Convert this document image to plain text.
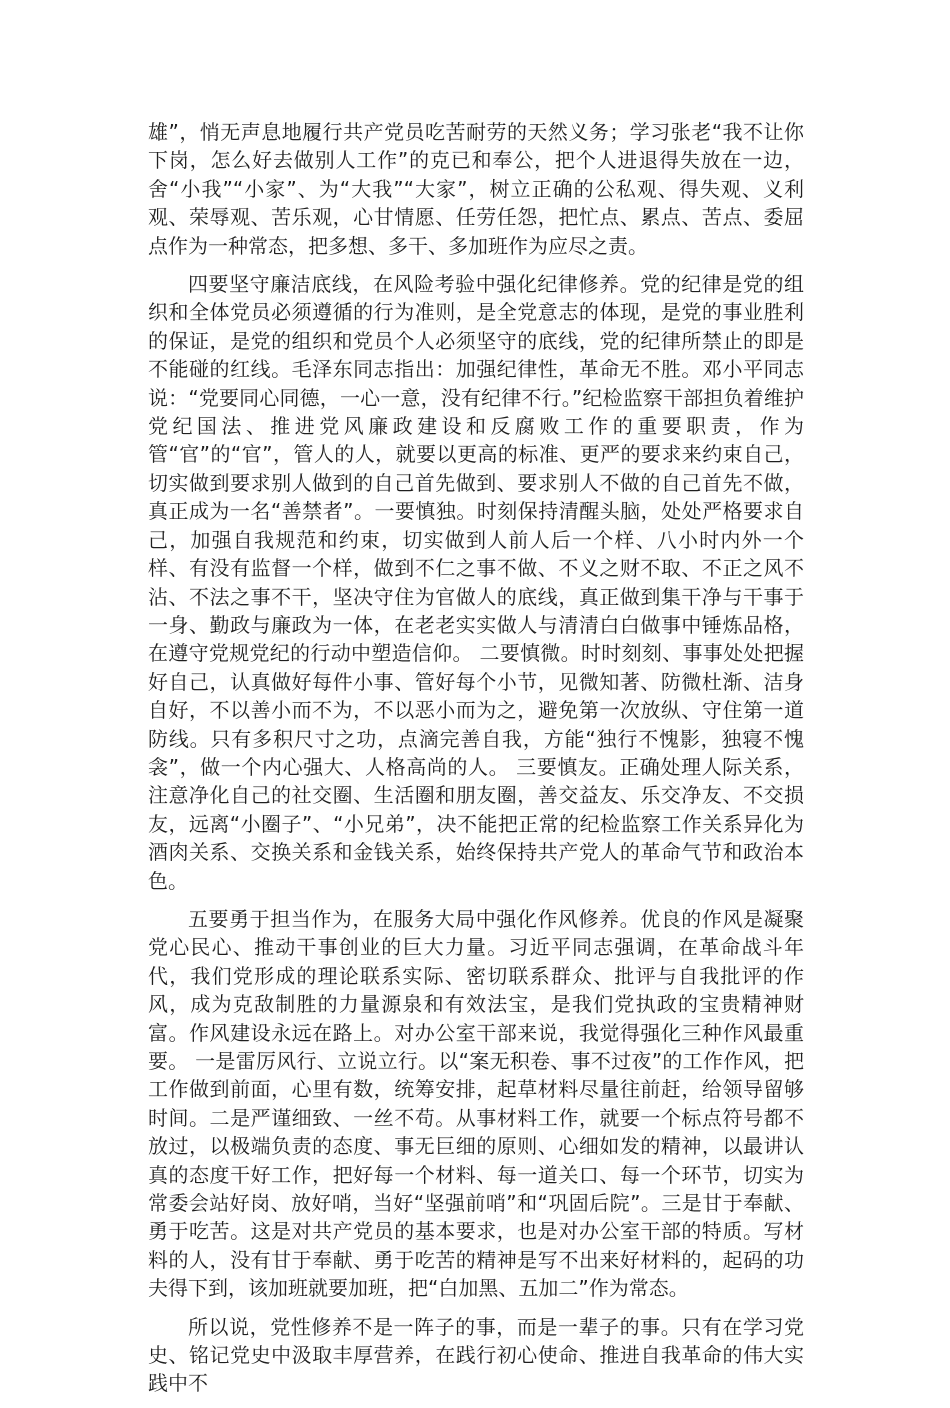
雄”，悄无声息地履行共产党员吃苦耐劳的天然义务；学习张老“我不让你下岗，怎么好去做别人工作”的克已和奉公，把个人进退得失放在一边，舍“小我”“小家”、为“大我”“大家”，树立正确的公私观、得失观、义利观、荣辱观、苦乐观，心甘情愿、任劳任怨，把忙点、累点、苦点、委屈点作为一种常态，把多想、多干、多加班作为应尽之责。

四要坚守廉洁底线，在风险考验中强化纪律修养。党的纪律是党的组织和全体党员必须遵循的行为准则，是全党意志的体现，是党的事业胜利的保证，是党的组织和党员个人必须坚守的底线，党的纪律所禁止的即是不能碰的红线。毛泽东同志指出：加强纪律性，革命无不胜。邓小平同志说：“党要同心同德，一心一意，没有纪律不行。”纪检监察干部担负着维护党纪国法、推进党风廉政建设和反腐败工作的重要职责，作为管“官”的“官”，管人的人，就要以更高的标准、更严的要求来约束自己，切实做到要求别人做到的自己首先做到、要求别人不做的自己首先不做，真正成为一名“善禁者”。一要慎独。时刻保持清醒头脑，处处严格要求自己，加强自我规范和约束，切实做到人前人后一个样、八小时内外一个样、有没有监督一个样，做到不仁之事不做、不义之财不取、不正之风不沾、不法之事不干，坚决守住为官做人的底线，真正做到集干净与干事于一身、勤政与廉政为一体，在老老实实做人与清清白白做事中锤炼品格，在遵守党规党纪的行动中塑造信仰。 二要慎微。时时刻刻、事事处处把握好自己，认真做好每件小事、管好每个小节，见微知著、防微杜渐、洁身自好，不以善小而不为，不以恶小而为之，避免第一次放纵、守住第一道防线。只有多积尺寸之功，点滴完善自我，方能“独行不愧影，独寝不愧衾”，做一个内心强大、人格高尚的人。 三要慎友。正确处理人际关系，注意净化自己的社交圈、生活圈和朋友圈，善交益友、乐交净友、不交损友，远离“小圈子”、“小兄弟”，决不能把正常的纪检监察工作关系异化为酒肉关系、交换关系和金钱关系，始终保持共产党人的革命气节和政治本色。

五要勇于担当作为，在服务大局中强化作风修养。优良的作风是凝聚党心民心、推动干事创业的巨大力量。习近平同志强调，在革命战斗年代，我们党形成的理论联系实际、密切联系群众、批评与自我批评的作风，成为克敌制胜的力量源泉和有效法宝，是我们党执政的宝贵精神财富。作风建设永远在路上。对办公室干部来说，我觉得强化三种作风最重要。 一是雷厉风行、立说立行。以“案无积卷、事不过夜”的工作作风，把工作做到前面，心里有数，统筹安排，起草材料尽量往前赶，给领导留够时间。二是严谨细致、一丝不苟。从事材料工作，就要一个标点符号都不放过，以极端负责的态度、事无巨细的原则、心细如发的精神，以最讲认真的态度干好工作，把好每一个材料、每一道关口、每一个环节，切实为常委会站好岗、放好哨，当好“坚强前哨”和“巩固后院”。三是甘于奉献、勇于吃苦。这是对共产党员的基本要求，也是对办公室干部的特质。写材料的人，没有甘于奉献、勇于吃苦的精神是写不出来好材料的，起码的功夫得下到，该加班就要加班，把“白加黑、五加二”作为常态。

所以说，党性修养不是一阵子的事，而是一辈子的事。只有在学习党史、铭记党史中汲取丰厚营养，在践行初心使命、推进自我革命的伟大实践中不
